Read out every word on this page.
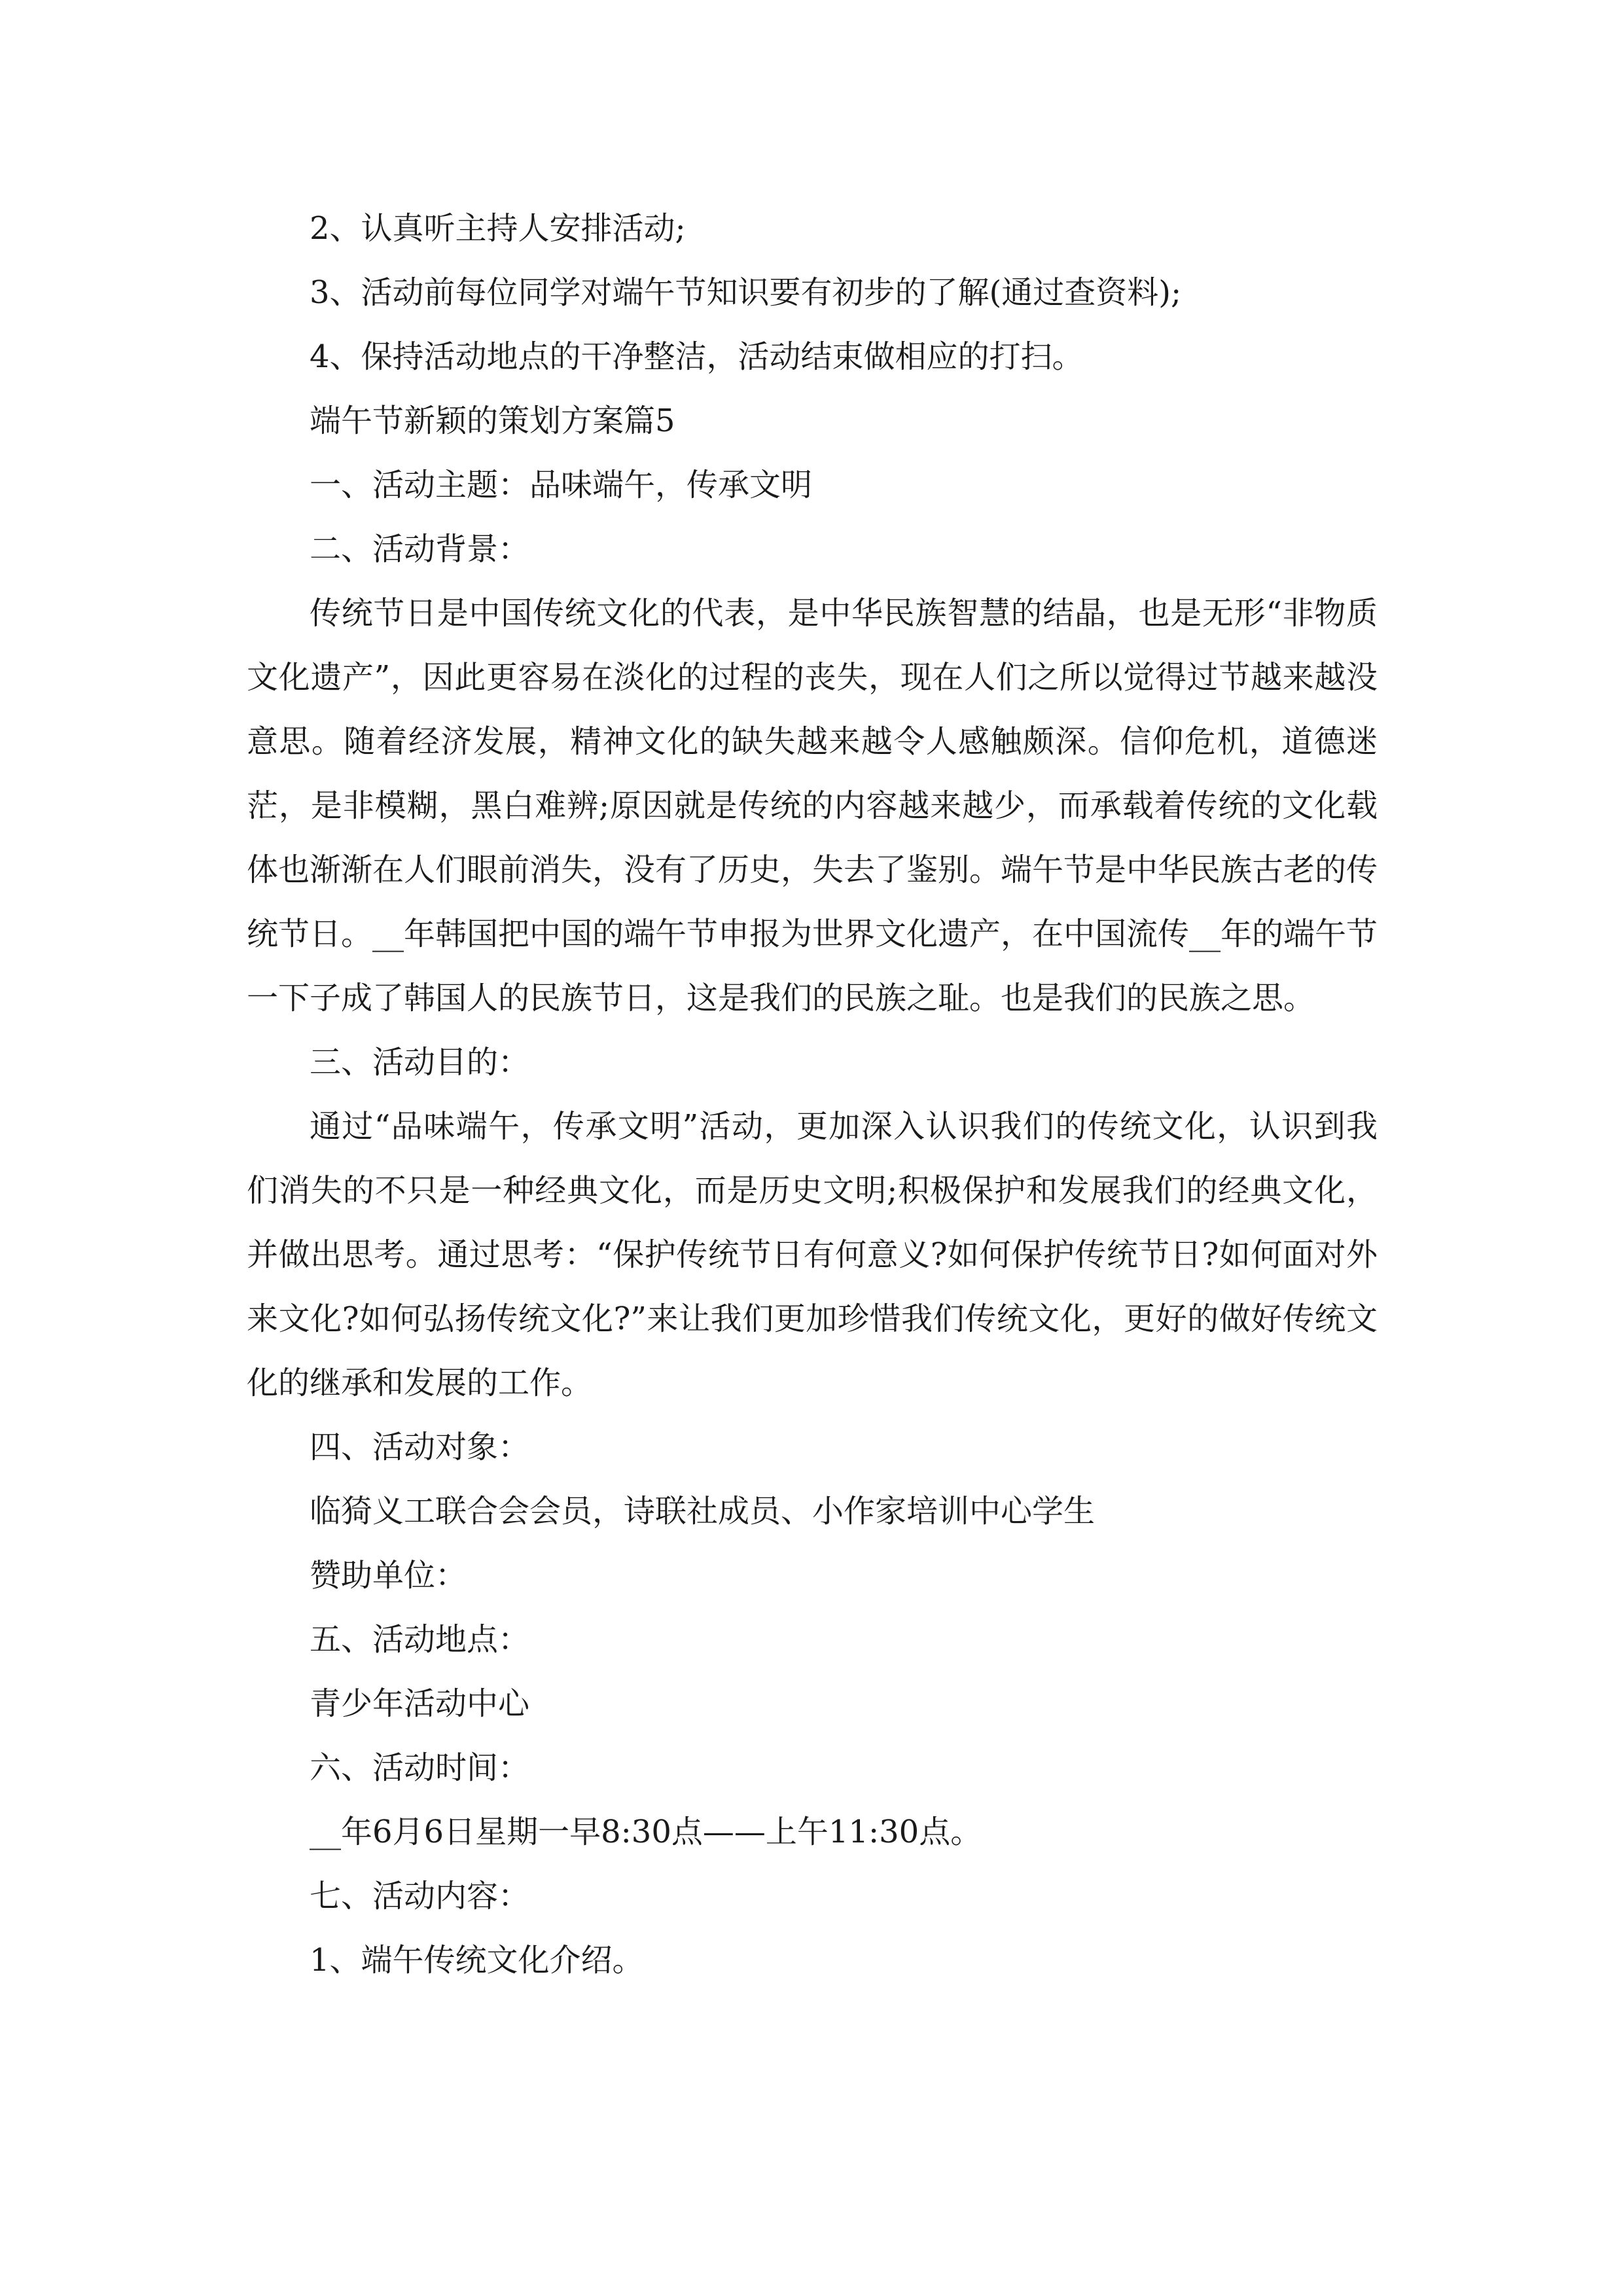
2、认真听主持人安排活动;

3、活动前每位同学对端午节知识要有初步的了解(通过查资料);

4、保持活动地点的干净整洁，活动结束做相应的打扫。

端午节新颖的策划方案篇5

一、活动主题：品味端午，传承文明

二、活动背景：

传统节日是中国传统文化的代表，是中华民族智慧的结晶，也是无形“非物质文化遗产”，因此更容易在淡化的过程的丧失，现在人们之所以觉得过节越来越没意思。随着经济发展，精神文化的缺失越来越令人感触颇深。信仰危机，道德迷茫，是非模糊，黑白难辨;原因就是传统的内容越来越少，而承载着传统的文化载体也渐渐在人们眼前消失，没有了历史，失去了鉴别。端午节是中华民族古老的传统节日。__年韩国把中国的端午节申报为世界文化遗产，在中国流传__年的端午节一下子成了韩国人的民族节日，这是我们的民族之耻。也是我们的民族之思。

三、活动目的：

通过“品味端午，传承文明”活动，更加深入认识我们的传统文化，认识到我们消失的不只是一种经典文化，而是历史文明;积极保护和发展我们的经典文化，并做出思考。通过思考：“保护传统节日有何意义?如何保护传统节日?如何面对外来文化?如何弘扬传统文化?”来让我们更加珍惜我们传统文化，更好的做好传统文化的继承和发展的工作。

四、活动对象：

临猗义工联合会会员，诗联社成员、小作家培训中心学生

赞助单位：

五、活动地点：

青少年活动中心

六、活动时间：

__年6月6日星期一早8:30点——上午11:30点。

七、活动内容：

1、端午传统文化介绍。
